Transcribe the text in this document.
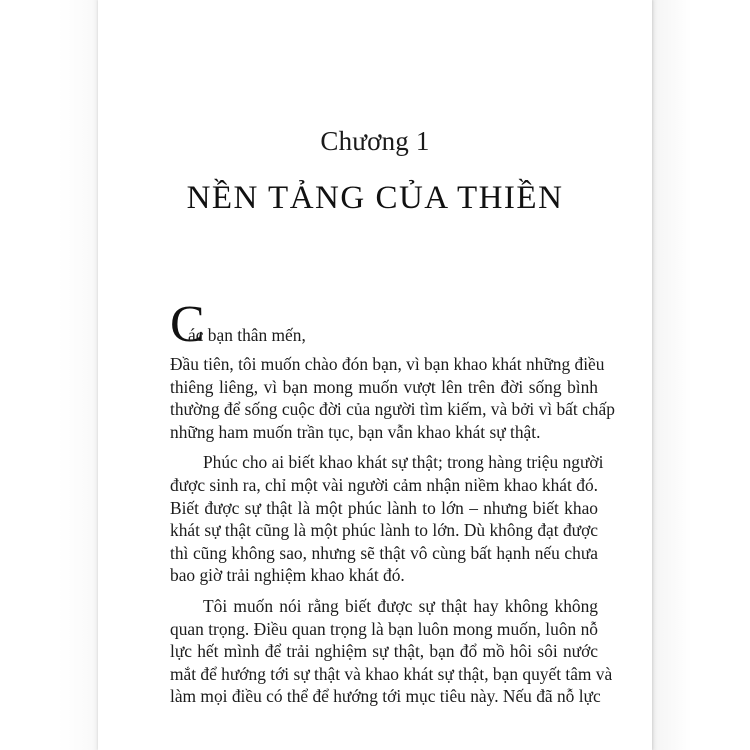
Chương 1
NỀN TẢNG CỦA THIỀN
C
ác bạn thân mến,
Đầu tiên, tôi muốn chào đón bạn, vì bạn khao khát những điều
thiêng liêng, vì bạn mong muốn vượt lên trên đời sống bình
thường để sống cuộc đời của người tìm kiếm, và bởi vì bất chấp
những ham muốn trần tục, bạn vẫn khao khát sự thật.
Phúc cho ai biết khao khát sự thật; trong hàng triệu người
được sinh ra, chỉ một vài người cảm nhận niềm khao khát đó.
Biết được sự thật là một phúc lành to lớn – nhưng biết khao
khát sự thật cũng là một phúc lành to lớn. Dù không đạt được
thì cũng không sao, nhưng sẽ thật vô cùng bất hạnh nếu chưa
bao giờ trải nghiệm khao khát đó.
Tôi muốn nói rằng biết được sự thật hay không không
quan trọng. Điều quan trọng là bạn luôn mong muốn, luôn nỗ
lực hết mình để trải nghiệm sự thật, bạn đổ mồ hôi sôi nước
mắt để hướng tới sự thật và khao khát sự thật, bạn quyết tâm và
làm mọi điều có thể để hướng tới mục tiêu này. Nếu đã nỗ lực
